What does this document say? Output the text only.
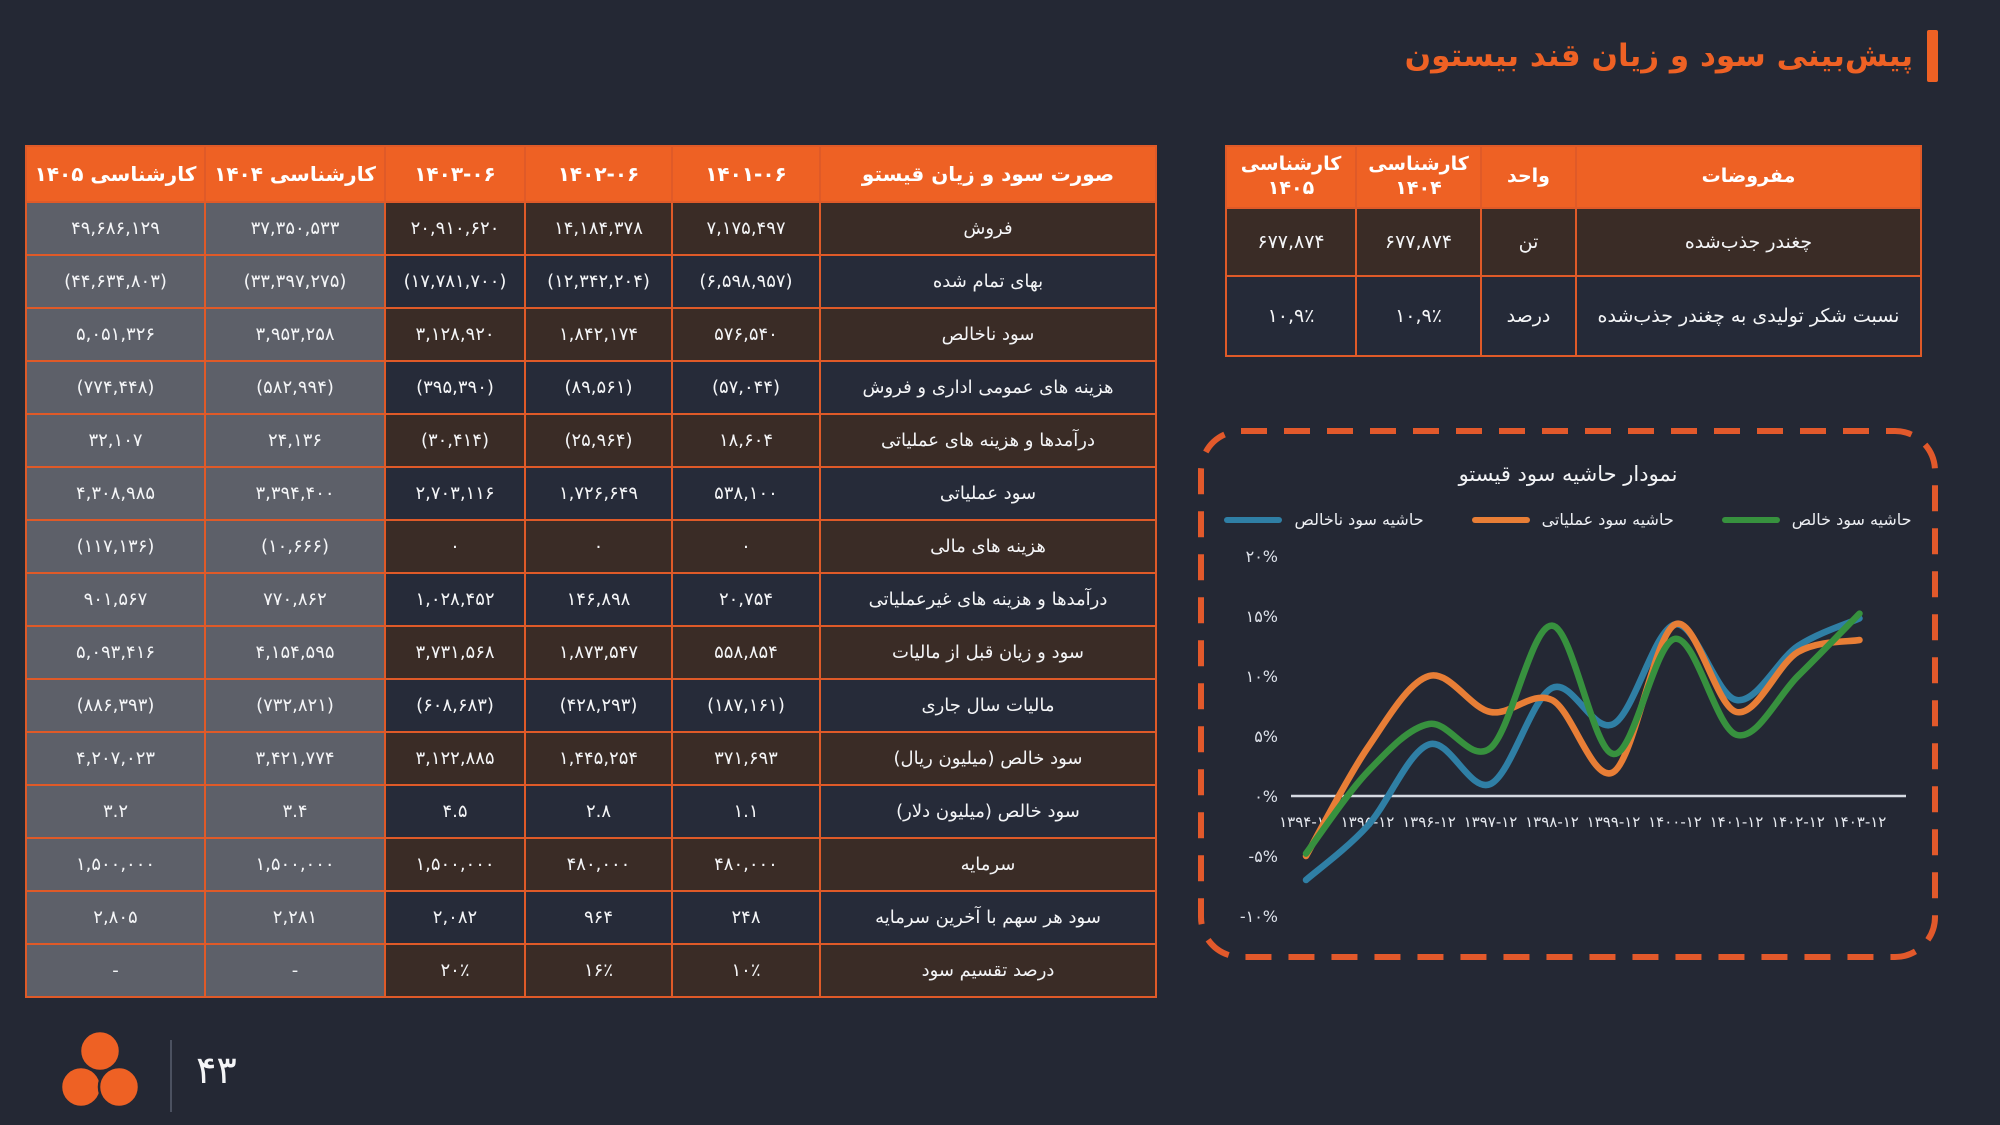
پیش‌بینی سود و زیان قند بیستون
صورت سود و زیان قیستو	۱۴۰۱-۰۶	۱۴۰۲-۰۶	۱۴۰۳-۰۶	کارشناسی ۱۴۰۴	کارشناسی ۱۴۰۵
فروش	۷,۱۷۵,۴۹۷	۱۴,۱۸۴,۳۷۸	۲۰,۹۱۰,۶۲۰	۳۷,۳۵۰,۵۳۳	۴۹,۶۸۶,۱۲۹
بهای تمام شده	(۶,۵۹۸,۹۵۷)	(۱۲,۳۴۲,۲۰۴)	(۱۷,۷۸۱,۷۰۰)	(۳۳,۳۹۷,۲۷۵)	(۴۴,۶۳۴,۸۰۳)
سود ناخالص	۵۷۶,۵۴۰	۱,۸۴۲,۱۷۴	۳,۱۲۸,۹۲۰	۳,۹۵۳,۲۵۸	۵,۰۵۱,۳۲۶
هزینه های عمومی اداری و فروش	(۵۷,۰۴۴)	(۸۹,۵۶۱)	(۳۹۵,۳۹۰)	(۵۸۲,۹۹۴)	(۷۷۴,۴۴۸)
درآمدها و هزینه های عملیاتی	۱۸,۶۰۴	(۲۵,۹۶۴)	(۳۰,۴۱۴)	۲۴,۱۳۶	۳۲,۱۰۷
سود عملیاتی	۵۳۸,۱۰۰	۱,۷۲۶,۶۴۹	۲,۷۰۳,۱۱۶	۳,۳۹۴,۴۰۰	۴,۳۰۸,۹۸۵
هزینه های مالی	۰	۰	۰	(۱۰,۶۶۶)	(۱۱۷,۱۳۶)
درآمدها و هزینه های غیرعملیاتی	۲۰,۷۵۴	۱۴۶,۸۹۸	۱,۰۲۸,۴۵۲	۷۷۰,۸۶۲	۹۰۱,۵۶۷
سود و زیان قبل از مالیات	۵۵۸,۸۵۴	۱,۸۷۳,۵۴۷	۳,۷۳۱,۵۶۸	۴,۱۵۴,۵۹۵	۵,۰۹۳,۴۱۶
مالیات سال جاری	(۱۸۷,۱۶۱)	(۴۲۸,۲۹۳)	(۶۰۸,۶۸۳)	(۷۳۲,۸۲۱)	(۸۸۶,۳۹۳)
سود خالص (میلیون ریال)	۳۷۱,۶۹۳	۱,۴۴۵,۲۵۴	۳,۱۲۲,۸۸۵	۳,۴۲۱,۷۷۴	۴,۲۰۷,۰۲۳
سود خالص (میلیون دلار)	۱.۱	۲.۸	۴.۵	۳.۴	۳.۲
سرمایه	۴۸۰,۰۰۰	۴۸۰,۰۰۰	۱,۵۰۰,۰۰۰	۱,۵۰۰,۰۰۰	۱,۵۰۰,۰۰۰
سود هر سهم با آخرین سرمایه	۲۴۸	۹۶۴	۲,۰۸۲	۲,۲۸۱	۲,۸۰۵
درصد تقسیم سود	۱۰٪	۱۶٪	۲۰٪	-	-
مفروضات	واحد	کارشناسی ۱۴۰۴	کارشناسی ۱۴۰۵
چغندر جذب‌شده	تن	۶۷۷,۸۷۴	۶۷۷,۸۷۴
نسبت شکر تولیدی به چغندر جذب‌شده	درصد	۱۰,۹٪	۱۰,۹٪
نمودار حاشیه سود قیستو
حاشیه سود خالص
حاشیه سود عملیاتی
حاشیه سود ناخالص
۲۰%
۱۵%
۱۰%
۵%
۰%
-۵%
-۱۰%
۱۳۹۴-۱۲ ۱۳۹۵-۱۲ ۱۳۹۶-۱۲ ۱۳۹۷-۱۲ ۱۳۹۸-۱۲ ۱۳۹۹-۱۲ ۱۴۰۰-۱۲ ۱۴۰۱-۱۲ ۱۴۰۲-۱۲ ۱۴۰۳-۱۲
۴۳
